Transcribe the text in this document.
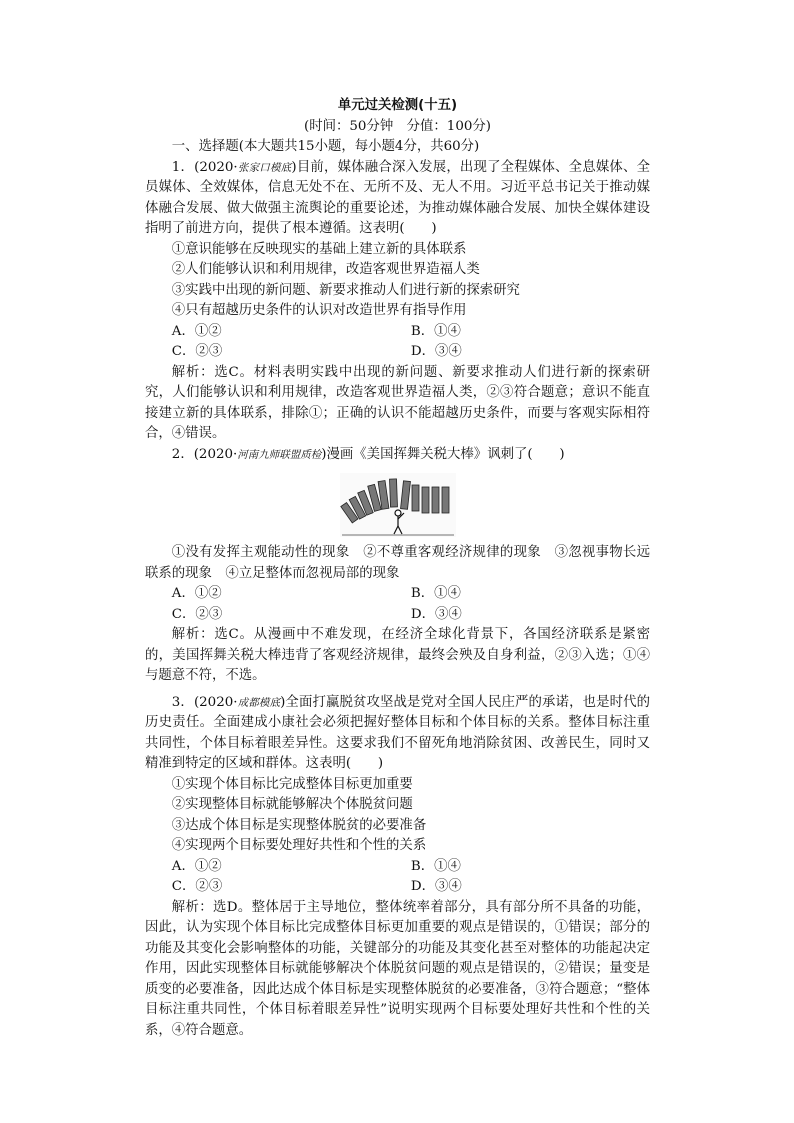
单元过关检测(十五)
(时间：50分钟　分值：100分)

一、选择题(本大题共15小题，每小题4分，共60分)

1．(2020·张家口模底)目前，媒体融合深入发展，出现了全程媒体、全息媒体、全员媒体、全效媒体，信息无处不在、无所不及、无人不用。习近平总书记关于推动媒体融合发展、做大做强主流舆论的重要论述，为推动媒体融合发展、加快全媒体建设指明了前进方向，提供了根本遵循。这表明(　　)

①意识能够在反映现实的基础上建立新的具体联系

②人们能够认识和利用规律，改造客观世界造福人类

③实践中出现的新问题、新要求推动人们进行新的探索研究

④只有超越历史条件的认识对改造世界有指导作用

A．①②	B．①④
C．②③	D．③④

解析：选C。材料表明实践中出现的新问题、新要求推动人们进行新的探索研究，人们能够认识和利用规律，改造客观世界造福人类，②③符合题意；意识不能直接建立新的具体联系，排除①；正确的认识不能超越历史条件，而要与客观实际相符合，④错误。

2．(2020·河南九师联盟质检)漫画《美国挥舞关税大棒》讽刺了(　　)

①没有发挥主观能动性的现象　②不尊重客观经济规律的现象　③忽视事物长远联系的现象　④立足整体而忽视局部的现象

A．①②	B．①④
C．②③	D．③④

解析：选C。从漫画中不难发现，在经济全球化背景下，各国经济联系是紧密的，美国挥舞关税大棒违背了客观经济规律，最终会殃及自身利益，②③入选；①④与题意不符，不选。

3．(2020·成都模底)全面打赢脱贫攻坚战是党对全国人民庄严的承诺，也是时代的历史责任。全面建成小康社会必须把握好整体目标和个体目标的关系。整体目标注重共同性，个体目标着眼差异性。这要求我们不留死角地消除贫困、改善民生，同时又精准到特定的区域和群体。这表明(　　)

①实现个体目标比完成整体目标更加重要

②实现整体目标就能够解决个体脱贫问题

③达成个体目标是实现整体脱贫的必要准备

④实现两个目标要处理好共性和个性的关系

A．①②	B．①④
C．②③	D．③④

解析：选D。整体居于主导地位，整体统率着部分，具有部分所不具备的功能，因此，认为实现个体目标比完成整体目标更加重要的观点是错误的，①错误；部分的功能及其变化会影响整体的功能，关键部分的功能及其变化甚至对整体的功能起决定作用，因此实现整体目标就能够解决个体脱贫问题的观点是错误的，②错误；量变是质变的必要准备，因此达成个体目标是实现整体脱贫的必要准备，③符合题意；“整体目标注重共同性，个体目标着眼差异性”说明实现两个目标要处理好共性和个性的关系，④符合题意。
